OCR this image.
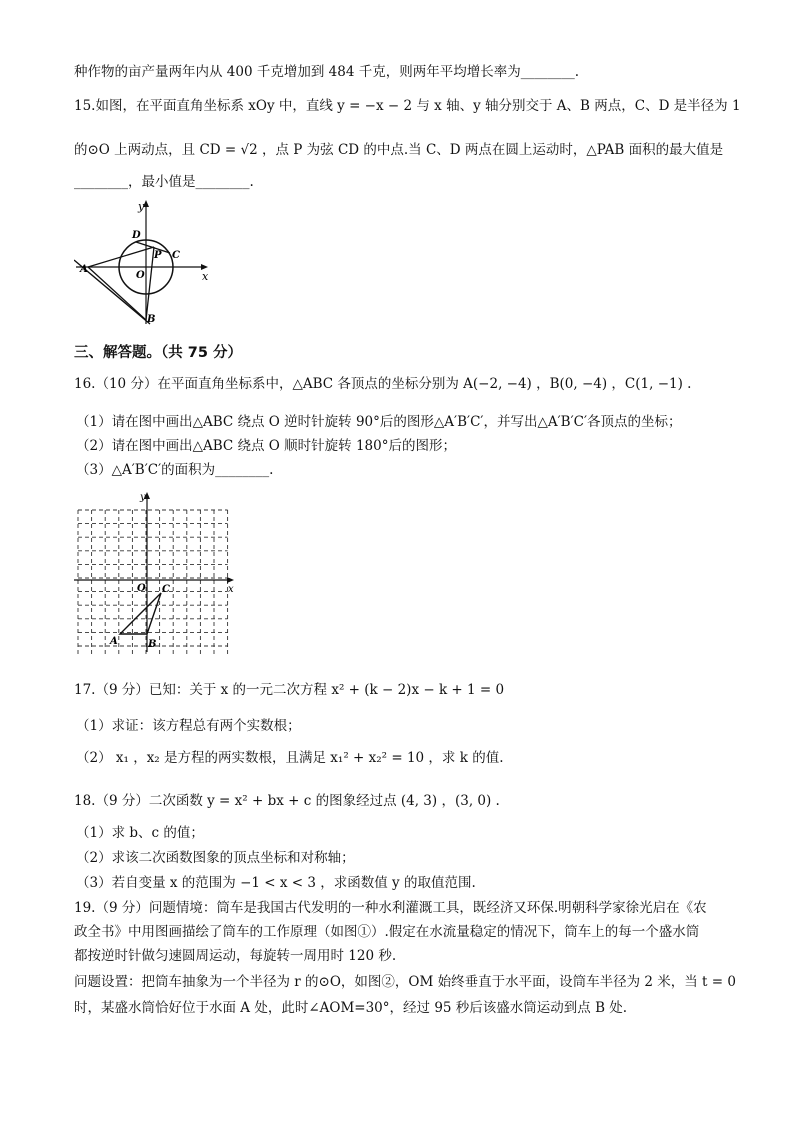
种作物的亩产量两年内从 400 千克增加到 484 千克，则两年平均增长率为________.
15.如图，在平面直角坐标系 xOy 中，直线 y = −x − 2 与 x 轴、y 轴分别交于 A、B 两点，C、D 是半径为 1
的⊙O 上两动点，且 CD = √2 ，点 P 为弦 CD 的中点.当 C、D 两点在圆上运动时，△PAB 面积的最大值是
________，最小值是________.
x
y
O
A
B
C
D
P
三、解答题。（共 75 分）
16.（10 分）在平面直角坐标系中，△ABC 各顶点的坐标分别为 A(−2, −4) ，B(0, −4) ，C(1, −1) .
（1）请在图中画出△ABC 绕点 O 逆时针旋转 90°后的图形△A′B′C′，并写出△A′B′C′各顶点的坐标；
（2）请在图中画出△ABC 绕点 O 顺时针旋转 180°后的图形；
（3）△A′B′C′的面积为________.
x
y
O
A	B
C
17.（9 分）已知：关于 x 的一元二次方程 x² + (k − 2)x − k + 1 = 0
（1）求证：该方程总有两个实数根；
（2） x₁ ，x₂ 是方程的两实数根，且满足 x₁² + x₂² = 10 ，求 k 的值.
18.（9 分）二次函数 y = x² + bx + c 的图象经过点 (4, 3) ，(3, 0) .
（1）求 b、c 的值；
（2）求该二次函数图象的顶点坐标和对称轴；
（3）若自变量 x 的范围为 −1 < x < 3 ，求函数值 y 的取值范围.
19.（9 分）问题情境：筒车是我国古代发明的一种水利灌溉工具，既经济又环保.明朝科学家徐光启在《农
政全书》中用图画描绘了筒车的工作原理（如图①）.假定在水流量稳定的情况下，筒车上的每一个盛水筒
都按逆时针做匀速圆周运动，每旋转一周用时 120 秒.
问题设置：把筒车抽象为一个半径为 r 的⊙O，如图②，OM 始终垂直于水平面，设筒车半径为 2 米，当 t = 0
时，某盛水筒恰好位于水面 A 处，此时∠AOM=30°，经过 95 秒后该盛水筒运动到点 B 处.
